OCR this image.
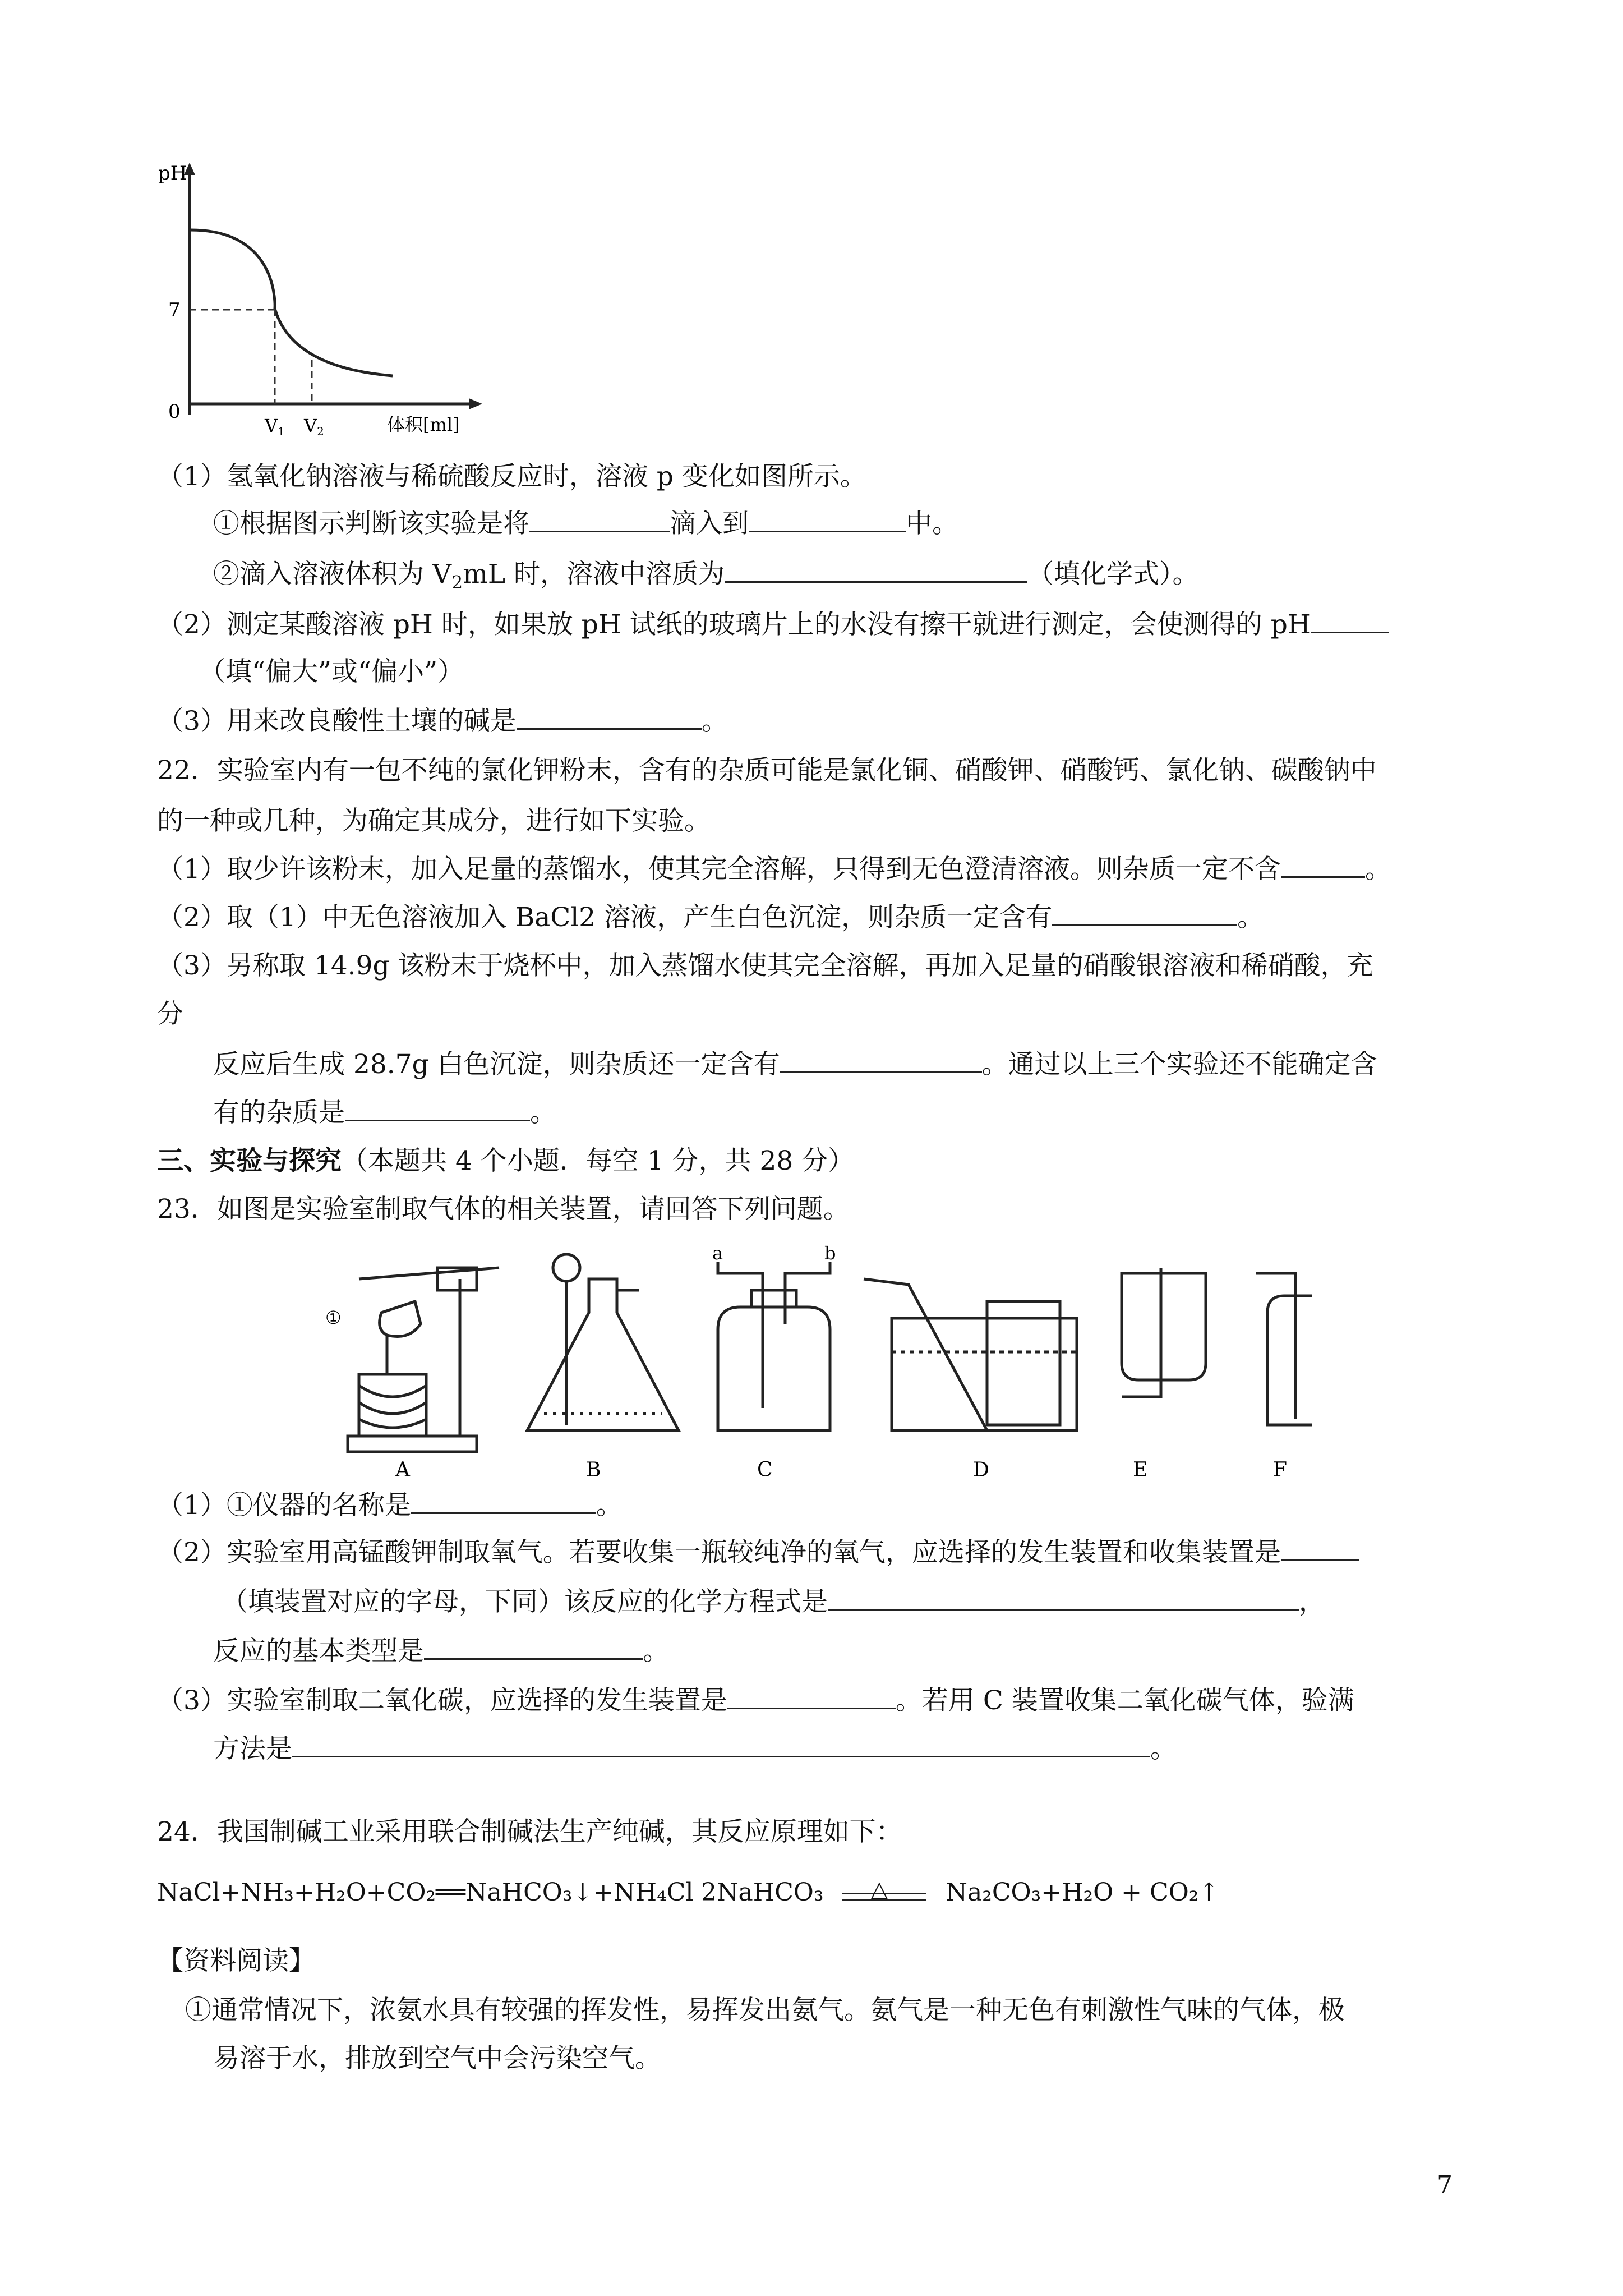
pH
7
0
V1 V2	体积[ml]
（1）氢氧化钠溶液与稀硫酸反应时，溶液 p 变化如图所示。
①根据图示判断该实验是将	滴入到	中。
②滴入溶液体积为 $V_2mL$ 时，溶液中溶质为	（填化学式）。
（2）测定某酸溶液 pH 时，如果放 pH 试纸的玻璃片上的水没有擦干就进行测定，会使测得的 pH
（填“偏大”或“偏小”）
（3）用来改良酸性土壤的碱是	。
22．实验室内有一包不纯的氯化钾粉末，含有的杂质可能是氯化铜、硝酸钾、硝酸钙、氯化钠、碳酸钠中
的一种或几种，为确定其成分，进行如下实验。
（1）取少许该粉末，加入足量的蒸馏水，使其完全溶解，只得到无色澄清溶液。则杂质一定不含	。
（2）取（1）中无色溶液加入 BaCl2 溶液，产生白色沉淀，则杂质一定含有	。
（3）另称取 14.9g 该粉末于烧杯中，加入蒸馏水使其完全溶解，再加入足量的硝酸银溶液和稀硝酸，充
分
反应后生成 28.7g 白色沉淀，则杂质还一定含有	。通过以上三个实验还不能确定含
有的杂质是	。
三、实验与探究（本题共 4 个小题．每空 1 分，共 28 分）
23．如图是实验室制取气体的相关装置，请回答下列问题。
①
a	b
A	B	C	D	E	F
（1）①仪器的名称是	。
（2）实验室用高锰酸钾制取氧气。若要收集一瓶较纯净的氧气，应选择的发生装置和收集装置是
（填装置对应的字母，下同）该反应的化学方程式是	，
反应的基本类型是	。
（3）实验室制取二氧化碳，应选择的发生装置是	。若用 C 装置收集二氧化碳气体，验满
方法是	。
24．我国制碱工业采用联合制碱法生产纯碱，其反应原理如下：
NaCl+NH₃+H₂O+CO₂══NaHCO₃↓+NH₄Cl 2NaHCO₃ △ Na₂CO₃+H₂O + CO₂↑
【资料阅读】
①通常情况下，浓氨水具有较强的挥发性，易挥发出氨气。氨气是一种无色有刺激性气味的气体，极
易溶于水，排放到空气中会污染空气。
7
